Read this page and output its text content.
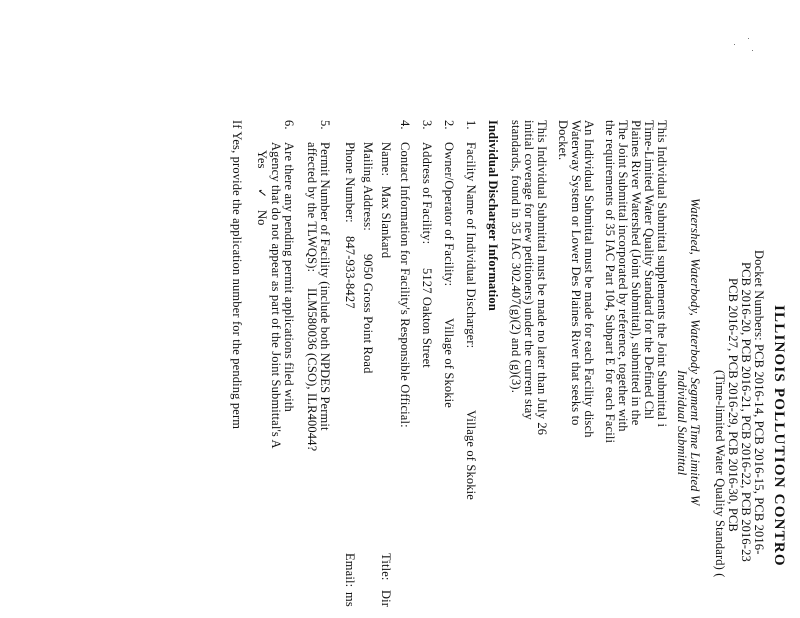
ILLINOIS POLLUTION CONTRO
Docket Numbers: PCB 2016-14, PCB 2016-15, PCB 2016-
PCB 2016-20, PCB 2016-21, PCB 2016-22, PCB 2016-23
PCB 2016-27, PCB 2016-29, PCB 2016-30, PCB
(Time-limited Water Quality Standard) (
Watershed, Waterbody, Waterbody Segment Time Limited W
Individual Submittal
This Individual Submittal supplements the Joint Submittal i
Time-Limited Water Quality Standard for the Defined Chl
Plaines River Watershed (Joint Submittal), submitted in the
The Joint Submittal incorporated by reference, together with
the requirements of 35 IAC Part 104, Subpart E for each Facili
An Individual Submittal must be made for each Facility disch
Waterway System or Lower Des Plaines River that seeks to
Docket.
This Individual Submittal must be made no later than July 26
initial coverage for new petitioners) under the current stay
standards, found in 35 IAC 302.407(g)(2) and (g)(3).
Individual Discharger Information
1.
Facility Name of Individual Discharger:
Village of Skokie
2.
Owner/Operator of Facility:
Village of Skokie
3.
Address of Facility:
5127 Oakton Street
4.
Contact Information for Facility's Responsible Official:
Name:
Max Slankard
Title:
Dir
Mailing Address:
9050 Gross Point Road
Phone Number:
847-933-8427
Email:
ms
5.
Permit Number of Facility (include both NPDES Permit
affected by the TLWQS):
ILM580036 (CSO), ILR40044?
6.
Are there any pending permit applications filed with
Agency that do not appear as part of the Joint Submittal's A
Yes
✓
No
If Yes, provide the application number for the pending perm
